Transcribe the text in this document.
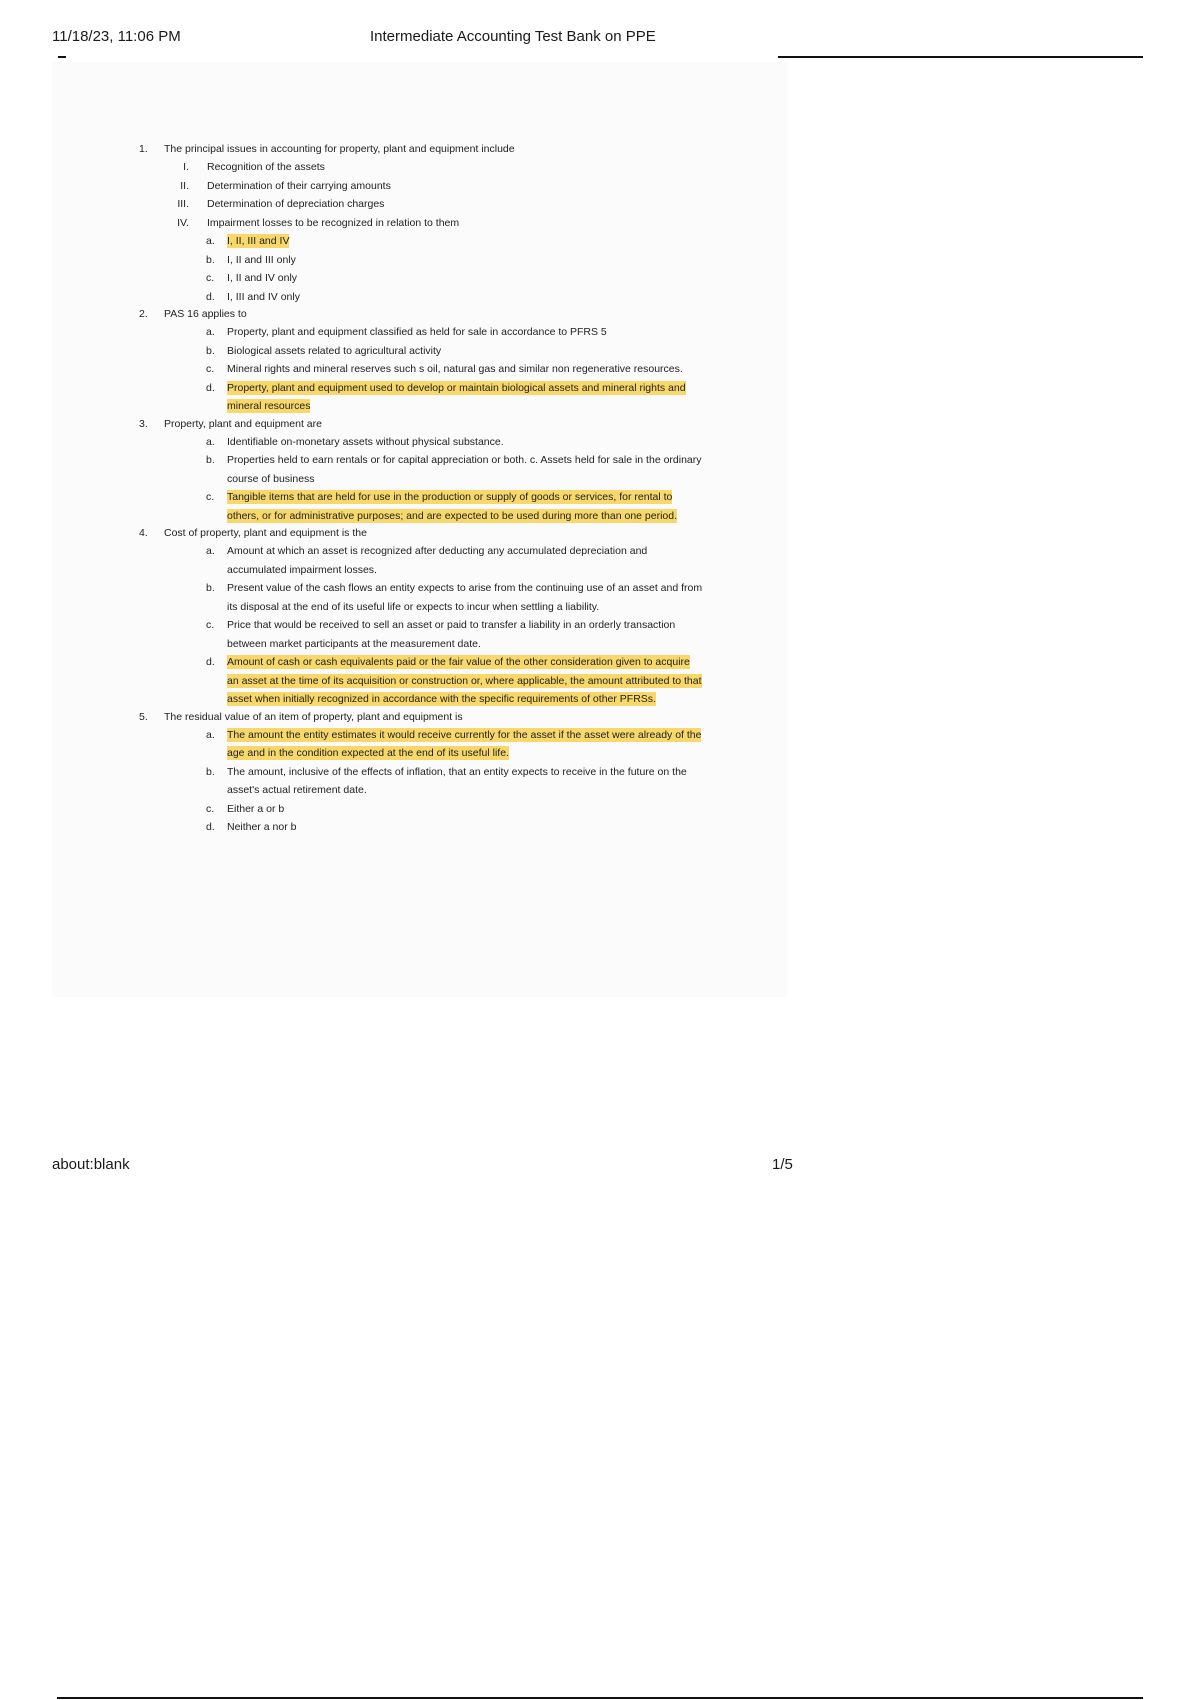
11/18/23, 11:06 PM	Intermediate Accounting Test Bank on PPE
1. The principal issues in accounting for property, plant and equipment include
I. Recognition of the assets
II. Determination of their carrying amounts
III. Determination of depreciation charges
IV. Impairment losses to be recognized in relation to them
a. I, II, III and IV
b. I, II and III only
c. I, II and IV only
d. I, III and IV only
2. PAS 16 applies to
a. Property, plant and equipment classified as held for sale in accordance to PFRS 5
b. Biological assets related to agricultural activity
c. Mineral rights and mineral reserves such s oil, natural gas and similar non regenerative resources.
d. Property, plant and equipment used to develop or maintain biological assets and mineral rights and mineral resources
3. Property, plant and equipment are
a. Identifiable on-monetary assets without physical substance.
b. Properties held to earn rentals or for capital appreciation or both. c. Assets held for sale in the ordinary course of business
c. Tangible items that are held for use in the production or supply of goods or services, for rental to others, or for administrative purposes; and are expected to be used during more than one period.
4. Cost of property, plant and equipment is the
a. Amount at which an asset is recognized after deducting any accumulated depreciation and accumulated impairment losses.
b. Present value of the cash flows an entity expects to arise from the continuing use of an asset and from its disposal at the end of its useful life or expects to incur when settling a liability.
c. Price that would be received to sell an asset or paid to transfer a liability in an orderly transaction between market participants at the measurement date.
d. Amount of cash or cash equivalents paid or the fair value of the other consideration given to acquire an asset at the time of its acquisition or construction or, where applicable, the amount attributed to that asset when initially recognized in accordance with the specific requirements of other PFRSs.
5. The residual value of an item of property, plant and equipment is
a. The amount the entity estimates it would receive currently for the asset if the asset were already of the age and in the condition expected at the end of its useful life.
b. The amount, inclusive of the effects of inflation, that an entity expects to receive in the future on the asset's actual retirement date.
c. Either a or b
d. Neither a nor b
about:blank	1/5
